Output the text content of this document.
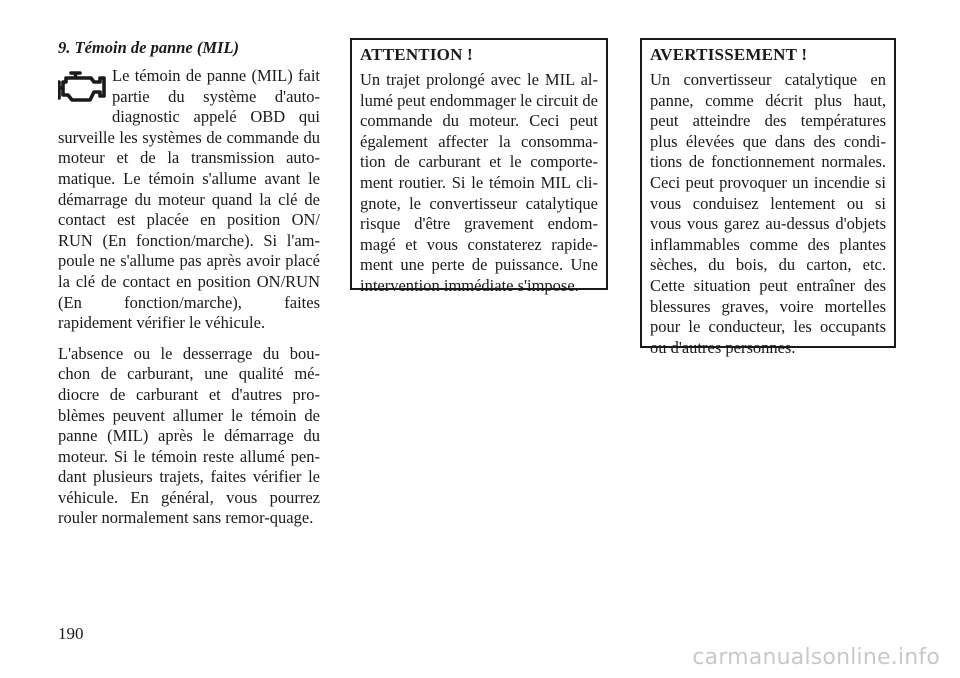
9. Témoin de panne (MIL)

Le témoin de panne (MIL) fait partie du système d'auto-diagnostic appelé OBD qui surveille les systèmes de commande du moteur et de la transmission auto-matique. Le témoin s'allume avant le démarrage du moteur quand la clé de contact est placée en position ON/ RUN (En fonction/marche). Si l'am-poule ne s'allume pas après avoir placé la clé de contact en position ON/RUN (En fonction/marche), faites rapidement vérifier le véhicule.

L'absence ou le desserrage du bou-chon de carburant, une qualité mé-diocre de carburant et d'autres pro-blèmes peuvent allumer le témoin de panne (MIL) après le démarrage du moteur. Si le témoin reste allumé pen-dant plusieurs trajets, faites vérifier le véhicule. En général, vous pourrez rouler normalement sans remor-quage.

ATTENTION !

Un trajet prolongé avec le MIL al-lumé peut endommager le circuit de commande du moteur. Ceci peut également affecter la consomma-tion de carburant et le comporte-ment routier. Si le témoin MIL cli-gnote, le convertisseur catalytique risque d'être gravement endom-magé et vous constaterez rapide-ment une perte de puissance. Une intervention immédiate s'impose.

AVERTISSEMENT !

Un convertisseur catalytique en panne, comme décrit plus haut, peut atteindre des températures plus élevées que dans des condi-tions de fonctionnement normales. Ceci peut provoquer un incendie si vous conduisez lentement ou si vous vous garez au-dessus d'objets inflammables comme des plantes sèches, du bois, du carton, etc. Cette situation peut entraîner des blessures graves, voire mortelles pour le conducteur, les occupants ou d'autres personnes.

190
carmanualsonline.info
